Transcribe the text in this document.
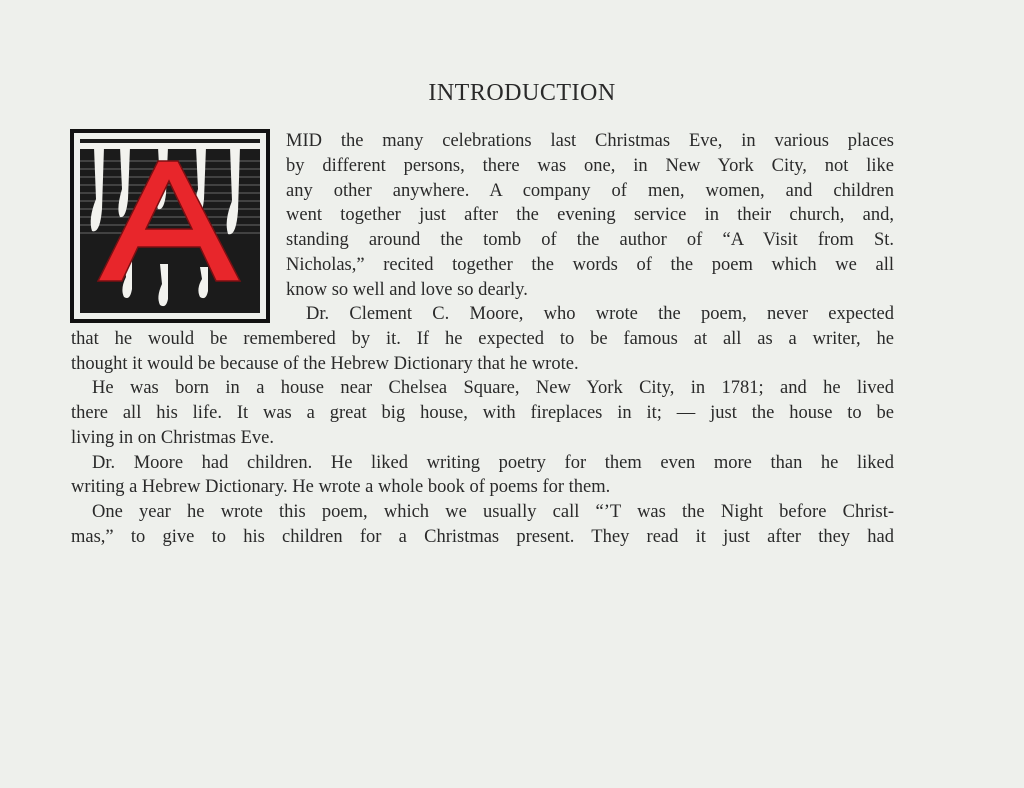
INTRODUCTION
MID the many celebrations last Christmas Eve, in various places
by different persons, there was one, in New York City, not like
any other anywhere. A company of men, women, and children
went together just after the evening service in their church, and,
standing around the tomb of the author of “A Visit from St.
Nicholas,” recited together the words of the poem which we all
know so well and love so dearly.
Dr. Clement C. Moore, who wrote the poem, never expected
that he would be remembered by it. If he expected to be famous at all as a writer, he
thought it would be because of the Hebrew Dictionary that he wrote.
He was born in a house near Chelsea Square, New York City, in 1781; and he lived
there all his life. It was a great big house, with fireplaces in it; — just the house to be
living in on Christmas Eve.
Dr. Moore had children. He liked writing poetry for them even more than he liked
writing a Hebrew Dictionary. He wrote a whole book of poems for them.
One year he wrote this poem, which we usually call “’T was the Night before Christ-
mas,” to give to his children for a Christmas present. They read it just after they had
